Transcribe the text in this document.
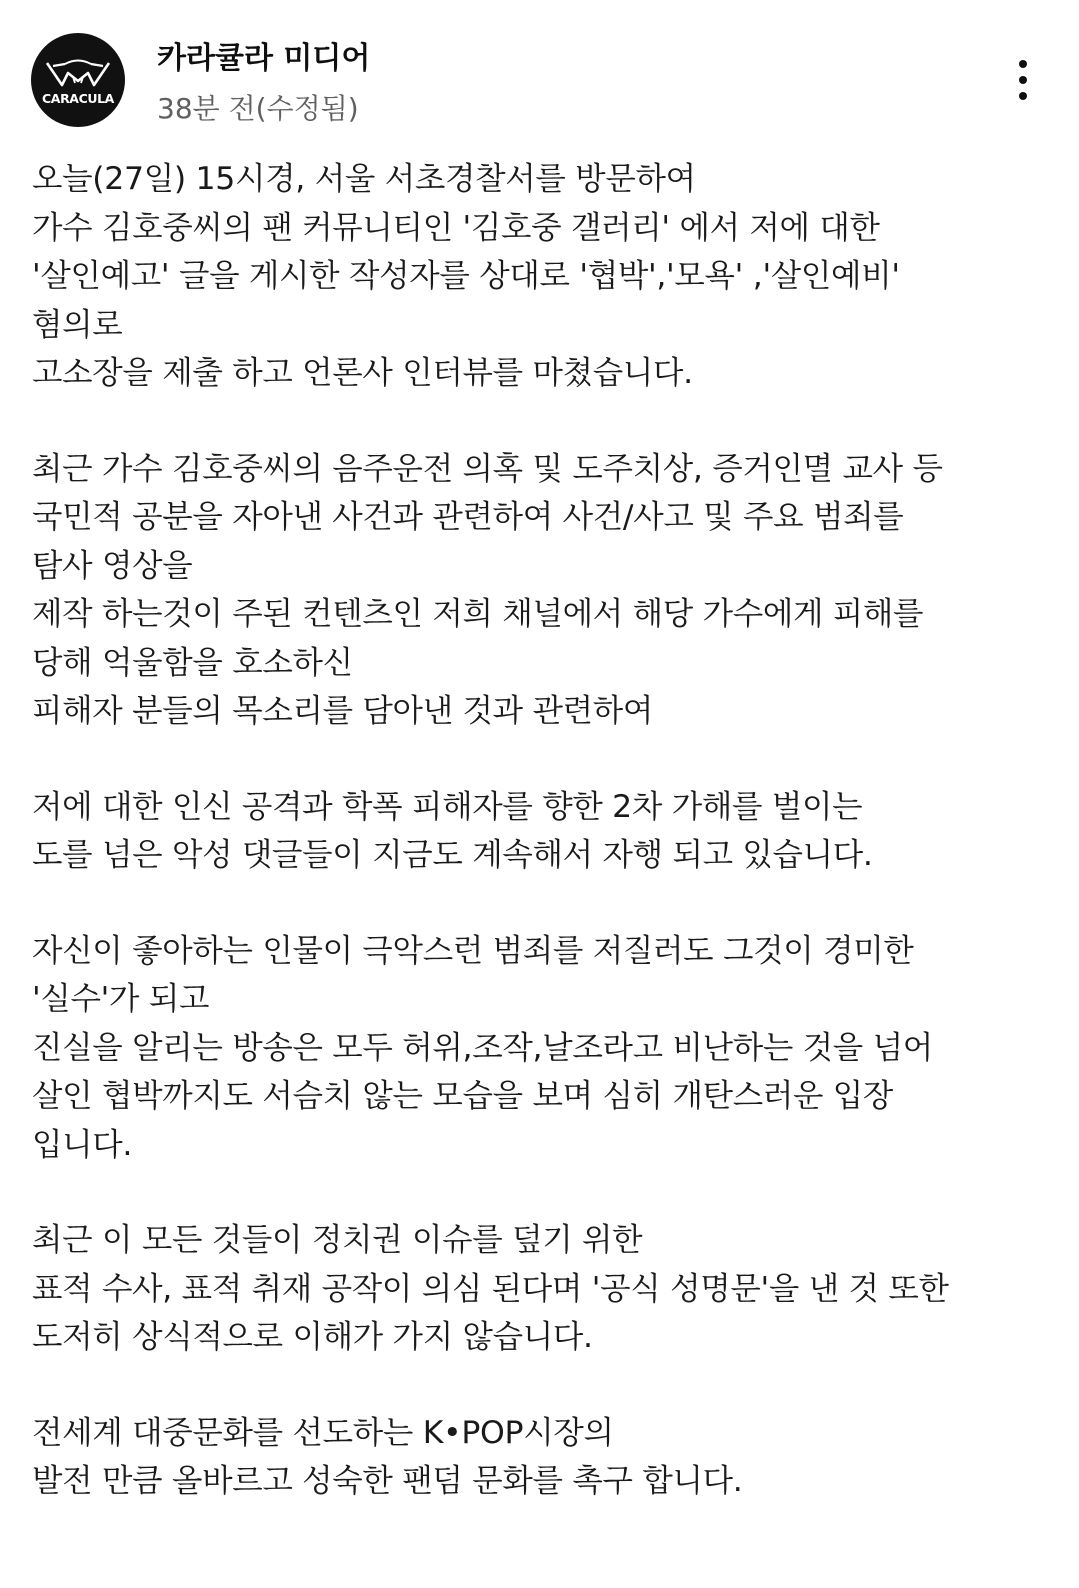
CARACULA
카라큘라 미디어
38분 전(수정됨)
오늘(27일) 15시경, 서울 서초경찰서를 방문하여
가수 김호중씨의 팬 커뮤니티인 '김호중 갤러리' 에서 저에 대한
'살인예고' 글을 게시한 작성자를 상대로 '협박','모욕' ,'살인예비'
혐의로
고소장을 제출 하고 언론사 인터뷰를 마쳤습니다.
최근 가수 김호중씨의 음주운전 의혹 및 도주치상, 증거인멸 교사 등
국민적 공분을 자아낸 사건과 관련하여 사건/사고 및 주요 범죄를
탐사 영상을
제작 하는것이 주된 컨텐츠인 저희 채널에서 해당 가수에게 피해를
당해 억울함을 호소하신
피해자 분들의 목소리를 담아낸 것과 관련하여
저에 대한 인신 공격과 학폭 피해자를 향한 2차 가해를 벌이는
도를 넘은 악성 댓글들이 지금도 계속해서 자행 되고 있습니다.
자신이 좋아하는 인물이 극악스런 범죄를 저질러도 그것이 경미한
'실수'가 되고
진실을 알리는 방송은 모두 허위,조작,날조라고 비난하는 것을 넘어
살인 협박까지도 서슴치 않는 모습을 보며 심히 개탄스러운 입장
입니다.
최근 이 모든 것들이 정치권 이슈를 덮기 위한
표적 수사, 표적 취재 공작이 의심 된다며 '공식 성명문'을 낸 것 또한
도저히 상식적으로 이해가 가지 않습니다.
전세계 대중문화를 선도하는 K•POP시장의
발전 만큼 올바르고 성숙한 팬덤 문화를 촉구 합니다.
